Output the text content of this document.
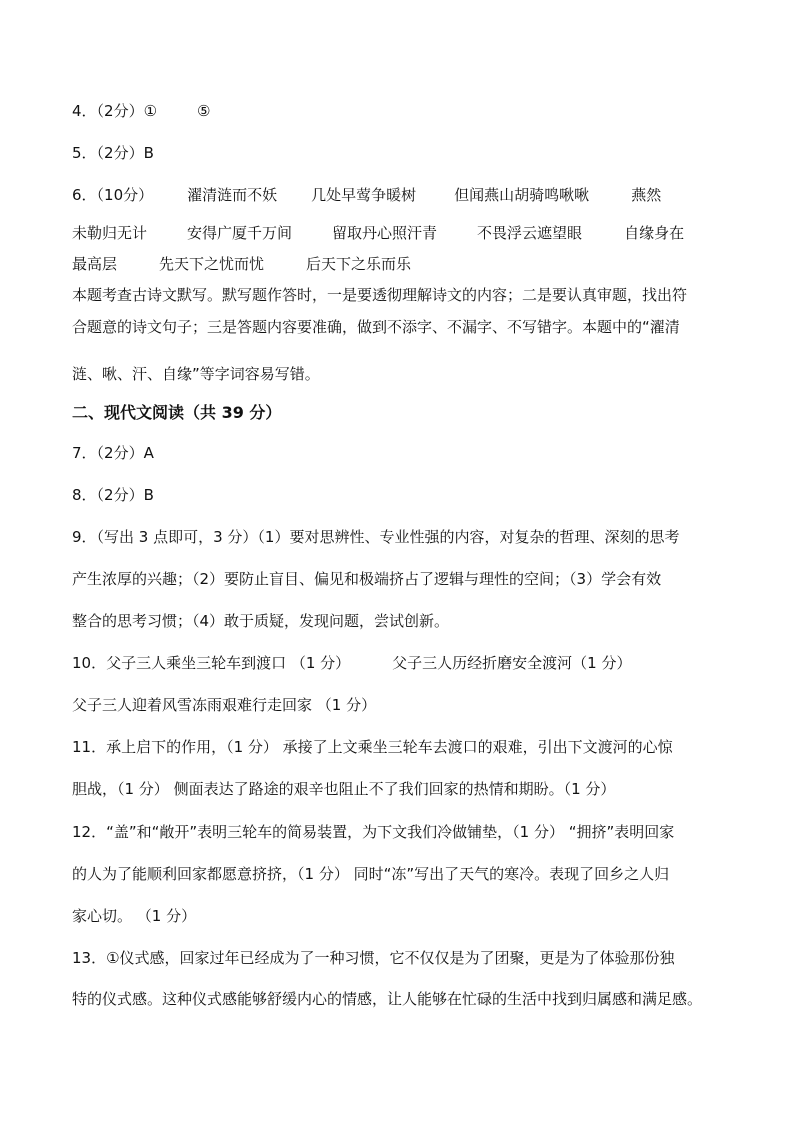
4．（2分）①	⑤
5．（2分）B
6．（10分） 濯清涟而不妖 几处早莺争暖树	但闻燕山胡骑鸣啾啾	燕然
未勒归无计	安得广厦千万间	留取丹心照汗青	不畏浮云遮望眼	自缘身在
最高层	先天下之忧而忧	后天下之乐而乐
本题考查古诗文默写。默写题作答时，一是要透彻理解诗文的内容；二是要认真审题，找出符
合题意的诗文句子；三是答题内容要准确，做到不添字、不漏字、不写错字。本题中的“濯清
涟、啾、汗、自缘”等字词容易写错。
二、现代文阅读（共 39 分）
7．（2分）A
8．（2分）B
9．（写出 3 点即可，3 分）（1）要对思辨性、专业性强的内容，对复杂的哲理、深刻的思考
产生浓厚的兴趣；（2）要防止盲目、偏见和极端挤占了逻辑与理性的空间；（3）学会有效
整合的思考习惯；（4）敢于质疑，发现问题，尝试创新。
10．父子三人乘坐三轮车到渡口 （1 分）	父子三人历经折磨安全渡河（1 分）
父子三人迎着风雪冻雨艰难行走回家 （1 分）
11．承上启下的作用，（1 分） 承接了上文乘坐三轮车去渡口的艰难，引出下文渡河的心惊
胆战，（1 分） 侧面表达了路途的艰辛也阻止不了我们回家的热情和期盼。（1 分）
12．“盖”和“敞开”表明三轮车的简易装置，为下文我们冷做铺垫，（1 分） “拥挤”表明回家
的人为了能顺利回家都愿意挤挤，（1 分） 同时“冻”写出了天气的寒冷。表现了回乡之人归
家心切。 （1 分）
13．①仪式感，回家过年已经成为了一种习惯，它不仅仅是为了团聚，更是为了体验那份独
特的仪式感。这种仪式感能够舒缓内心的情感，让人能够在忙碌的生活中找到归属感和满足感。
